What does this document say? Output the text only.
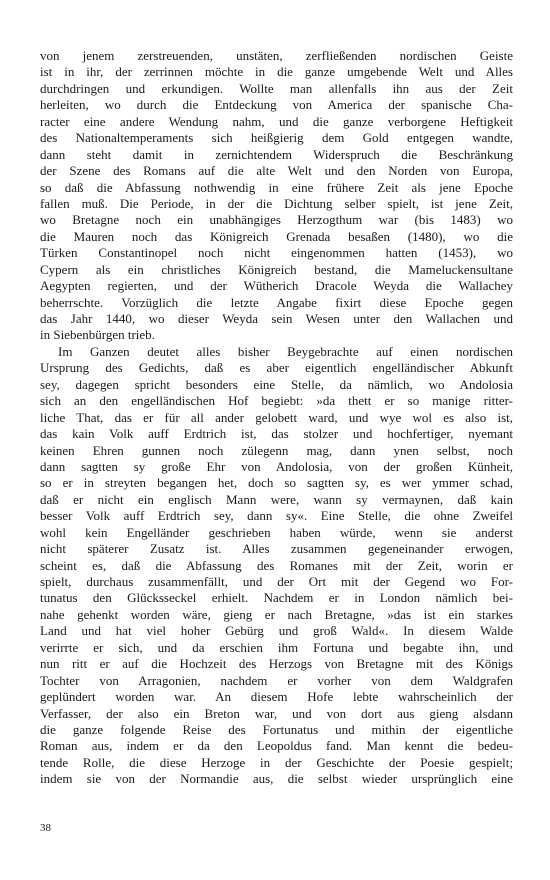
von jenem zerstreuenden, unstäten, zerfließenden nordischen Geiste
ist in ihr, der zerrinnen möchte in die ganze umgebende Welt und Alles
durchdringen und erkundigen. Wollte man allenfalls ihn aus der Zeit
herleiten, wo durch die Entdeckung von America der spanische Cha-
racter eine andere Wendung nahm, und die ganze verborgene Heftigkeit
des Nationaltemperaments sich heißgierig dem Gold entgegen wandte,
dann steht damit in zernichtendem Widerspruch die Beschränkung
der Szene des Romans auf die alte Welt und den Norden von Europa,
so daß die Abfassung nothwendig in eine frühere Zeit als jene Epoche
fallen muß. Die Periode, in der die Dichtung selber spielt, ist jene Zeit,
wo Bretagne noch ein unabhängiges Herzogthum war (bis 1483) wo
die Mauren noch das Königreich Grenada besaßen (1480), wo die
Türken Constantinopel noch nicht eingenommen hatten (1453), wo
Cypern als ein christliches Königreich bestand, die Mameluckensultane
Aegypten regierten, und der Wütherich Dracole Weyda die Wallachey
beherrschte. Vorzüglich die letzte Angabe fixirt diese Epoche gegen
das Jahr 1440, wo dieser Weyda sein Wesen unter den Wallachen und
in Siebenbürgen trieb.
Im Ganzen deutet alles bisher Beygebrachte auf einen nordischen
Ursprung des Gedichts, daß es aber eigentlich engelländischer Abkunft
sey, dagegen spricht besonders eine Stelle, da nämlich, wo Andolosia
sich an den engelländischen Hof begiebt: »da thett er so manige ritter-
liche That, das er für all ander gelobett ward, und wye wol es also ist,
das kain Volk auff Erdtrich ist, das stolzer und hochfertiger, nyemant
keinen Ehren gunnen noch zülegenn mag, dann ynen selbst, noch
dann sagtten sy große Ehr von Andolosia, von der großen Künheit,
so er in streyten begangen het, doch so sagtten sy, es wer ymmer schad,
daß er nicht ein englisch Mann were, wann sy vermaynen, daß kain
besser Volk auff Erdtrich sey, dann sy«. Eine Stelle, die ohne Zweifel
wohl kein Engelländer geschrieben haben würde, wenn sie anderst
nicht späterer Zusatz ist. Alles zusammen gegeneinander erwogen,
scheint es, daß die Abfassung des Romanes mit der Zeit, worin er
spielt, durchaus zusammenfällt, und der Ort mit der Gegend wo For-
tunatus den Glücksseckel erhielt. Nachdem er in London nämlich bei-
nahe gehenkt worden wäre, gieng er nach Bretagne, »das ist ein starkes
Land und hat viel hoher Gebürg und groß Wald«. In diesem Walde
verirrte er sich, und da erschien ihm Fortuna und begabte ihn, und
nun ritt er auf die Hochzeit des Herzogs von Bretagne mit des Königs
Tochter von Arragonien, nachdem er vorher von dem Waldgrafen
geplündert worden war. An diesem Hofe lebte wahrscheinlich der
Verfasser, der also ein Breton war, und von dort aus gieng alsdann
die ganze folgende Reise des Fortunatus und mithin der eigentliche
Roman aus, indem er da den Leopoldus fand. Man kennt die bedeu-
tende Rolle, die diese Herzoge in der Geschichte der Poesie gespielt;
indem sie von der Normandie aus, die selbst wieder ursprünglich eine
38
